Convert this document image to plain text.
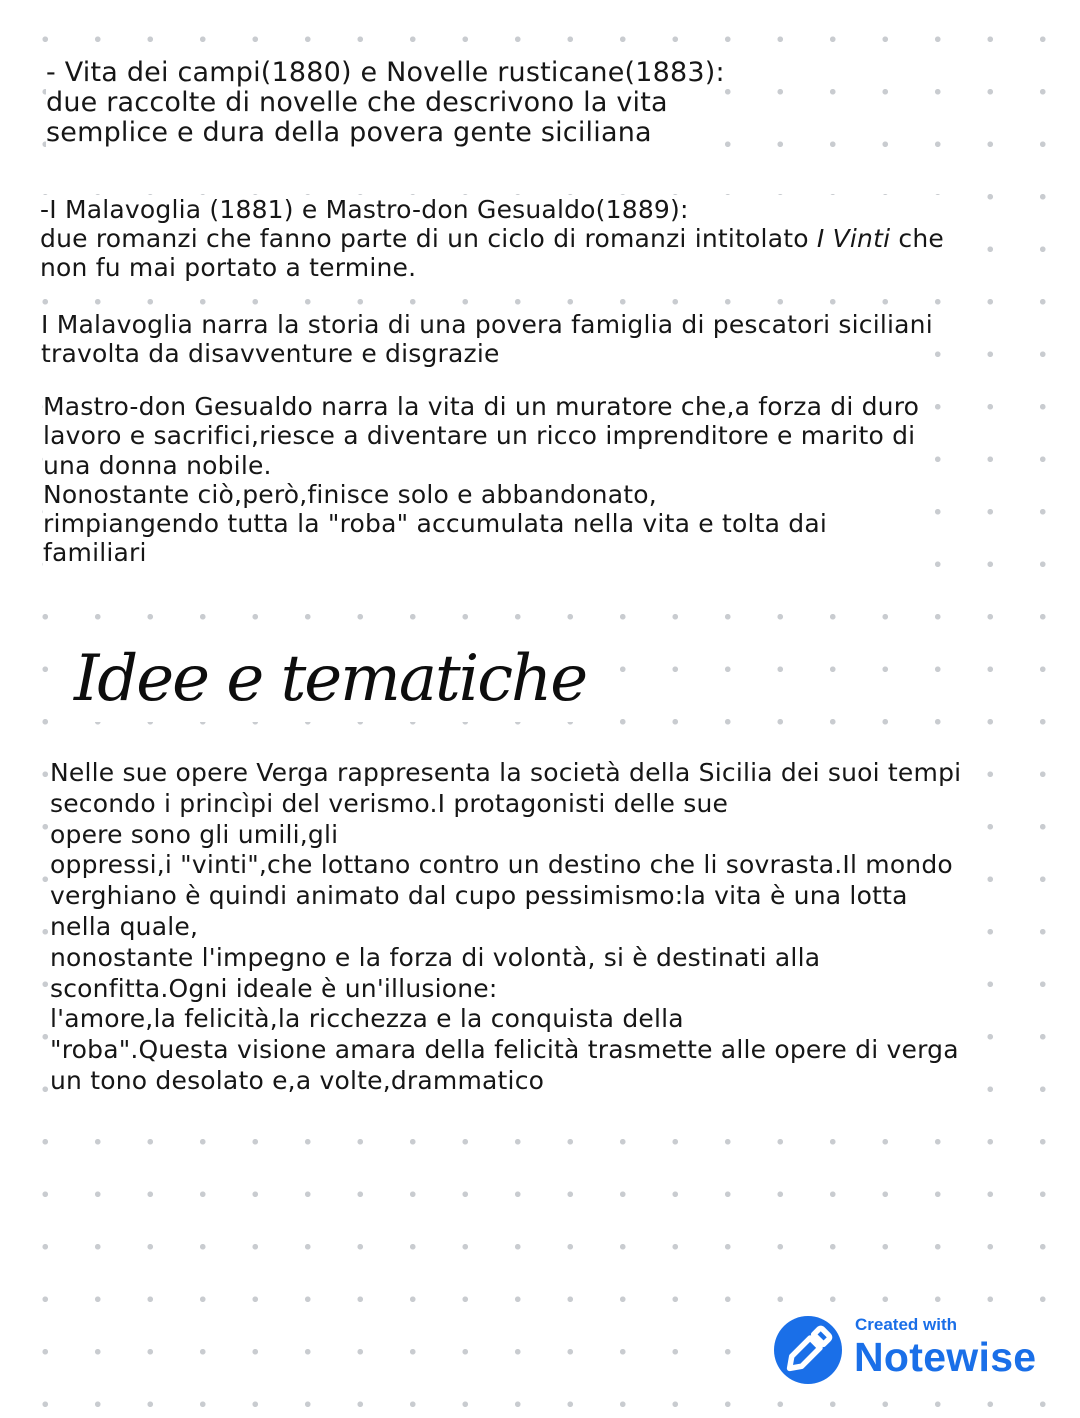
- Vita dei campi(1880) e Novelle rusticane(1883):
due raccolte di novelle che descrivono la vita
semplice e dura della povera gente siciliana
-I Malavoglia (1881) e Mastro-don Gesualdo(1889):
due romanzi che fanno parte di un ciclo di romanzi intitolato I Vinti che
non fu mai portato a termine.
I Malavoglia narra la storia di una povera famiglia di pescatori siciliani
travolta da disavventure e disgrazie
Mastro-don Gesualdo narra la vita di un muratore che,a forza di duro
lavoro e sacrifici,riesce a diventare un ricco imprenditore e marito di
una donna nobile.
Nonostante ciò,però,finisce solo e abbandonato,
rimpiangendo tutta la "roba" accumulata nella vita e tolta dai
familiari
Idee e tematiche
Nelle sue opere Verga rappresenta la società della Sicilia dei suoi tempi
secondo i princìpi del verismo.I protagonisti delle sue
opere sono gli umili,gli
oppressi,i "vinti",che lottano contro un destino che li sovrasta.Il mondo
verghiano è quindi animato dal cupo pessimismo:la vita è una lotta
nella quale,
nonostante l'impegno e la forza di volontà, si è destinati alla
sconfitta.Ogni ideale è un'illusione:
l'amore,la felicità,la ricchezza e la conquista della
"roba".Questa visione amara della felicità trasmette alle opere di verga
un tono desolato e,a volte,drammatico
Created with
Notewise
